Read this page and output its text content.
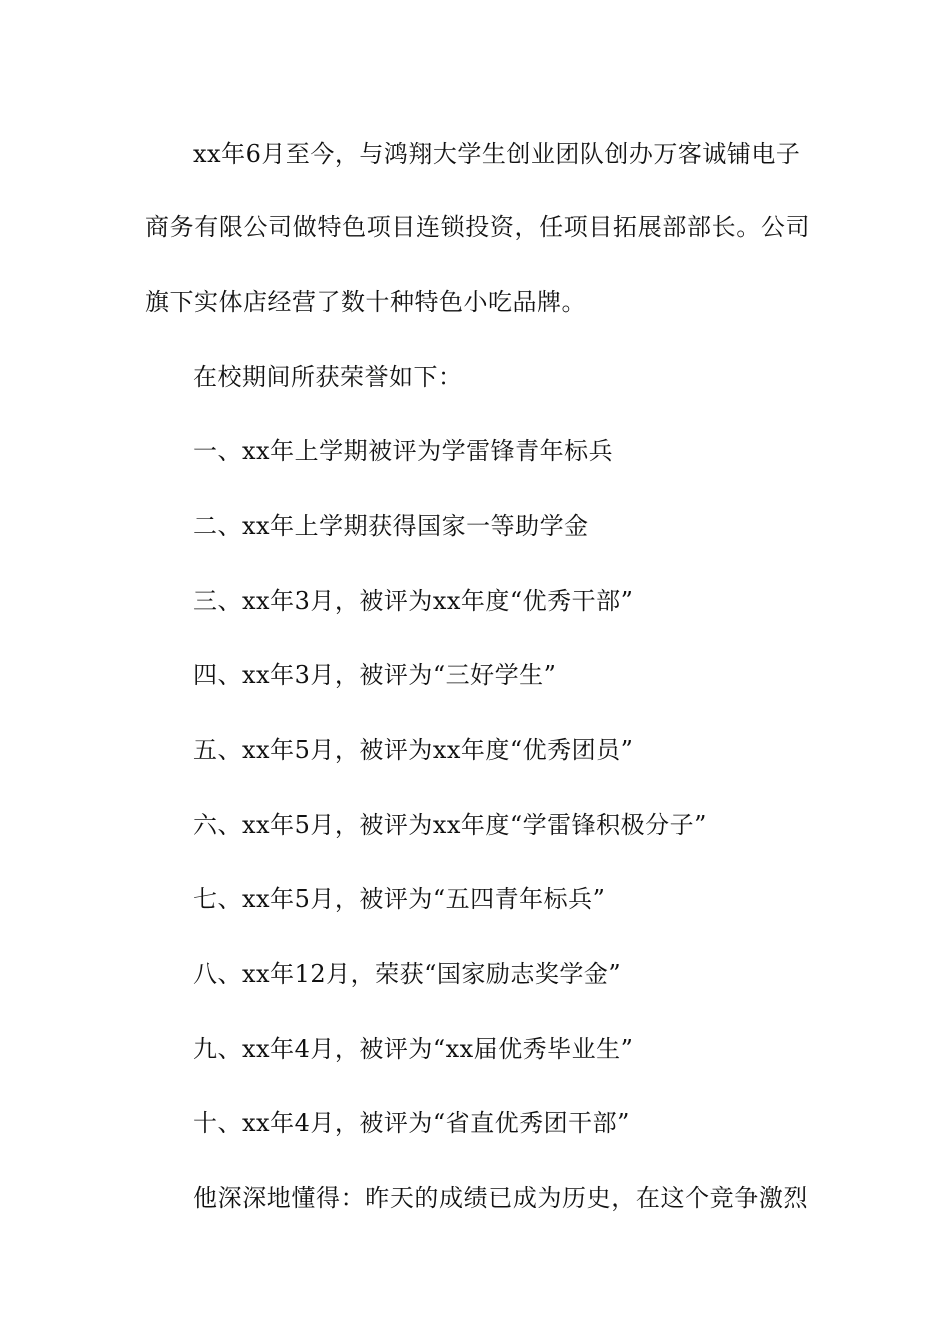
xx年6月至今，与鸿翔大学生创业团队创办万客诚铺电子
商务有限公司做特色项目连锁投资，任项目拓展部部长。公司
旗下实体店经营了数十种特色小吃品牌。
在校期间所获荣誉如下：
一、xx年上学期被评为学雷锋青年标兵
二、xx年上学期获得国家一等助学金
三、xx年3月，被评为xx年度“优秀干部”
四、xx年3月，被评为“三好学生”
五、xx年5月，被评为xx年度“优秀团员”
六、xx年5月，被评为xx年度“学雷锋积极分子”
七、xx年5月，被评为“五四青年标兵”
八、xx年12月，荣获“国家励志奖学金”
九、xx年4月，被评为“xx届优秀毕业生”
十、xx年4月，被评为“省直优秀团干部”
他深深地懂得：昨天的成绩已成为历史，在这个竞争激烈
